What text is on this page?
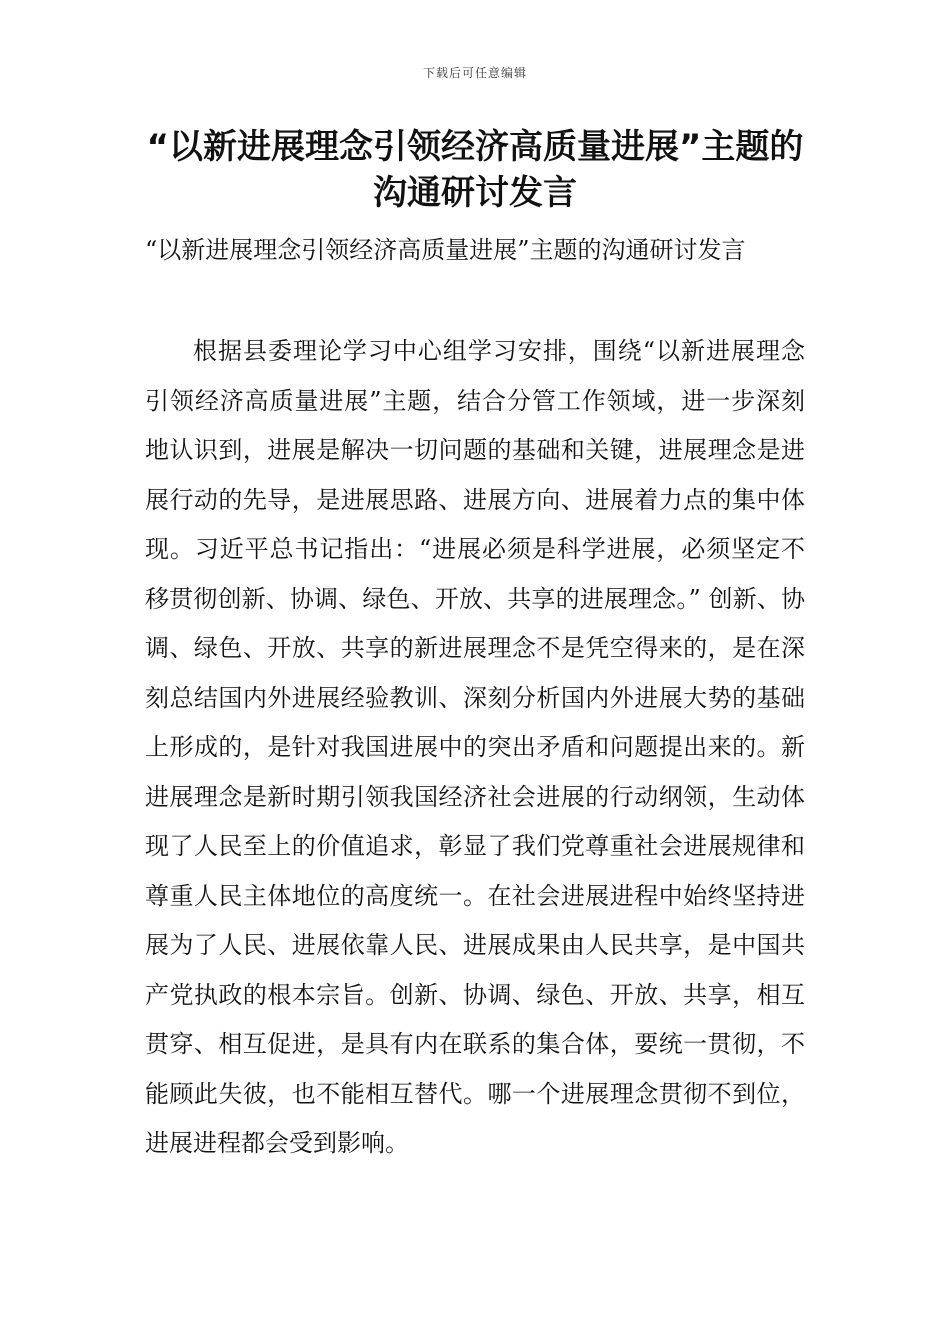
下载后可任意编辑
“以新进展理念引领经济高质量进展”主题的沟通研讨发言

“以新进展理念引领经济高质量进展”主题的沟通研讨发言

根据县委理论学习中心组学习安排，围绕“以新进展理念引领经济高质量进展”主题，结合分管工作领域，进一步深刻地认识到，进展是解决一切问题的基础和关键，进展理念是进展行动的先导，是进展思路、进展方向、进展着力点的集中体现。习近平总书记指出：“进展必须是科学进展，必须坚定不移贯彻创新、协调、绿色、开放、共享的进展理念。” 创新、协调、绿色、开放、共享的新进展理念不是凭空得来的，是在深刻总结国内外进展经验教训、深刻分析国内外进展大势的基础上形成的，是针对我国进展中的突出矛盾和问题提出来的。新进展理念是新时期引领我国经济社会进展的行动纲领，生动体现了人民至上的价值追求，彰显了我们党尊重社会进展规律和尊重人民主体地位的高度统一。在社会进展进程中始终坚持进展为了人民、进展依靠人民、进展成果由人民共享，是中国共产党执政的根本宗旨。创新、协调、绿色、开放、共享，相互贯穿、相互促进，是具有内在联系的集合体，要统一贯彻，不能顾此失彼，也不能相互替代。哪一个进展理念贯彻不到位，进展进程都会受到影响。
